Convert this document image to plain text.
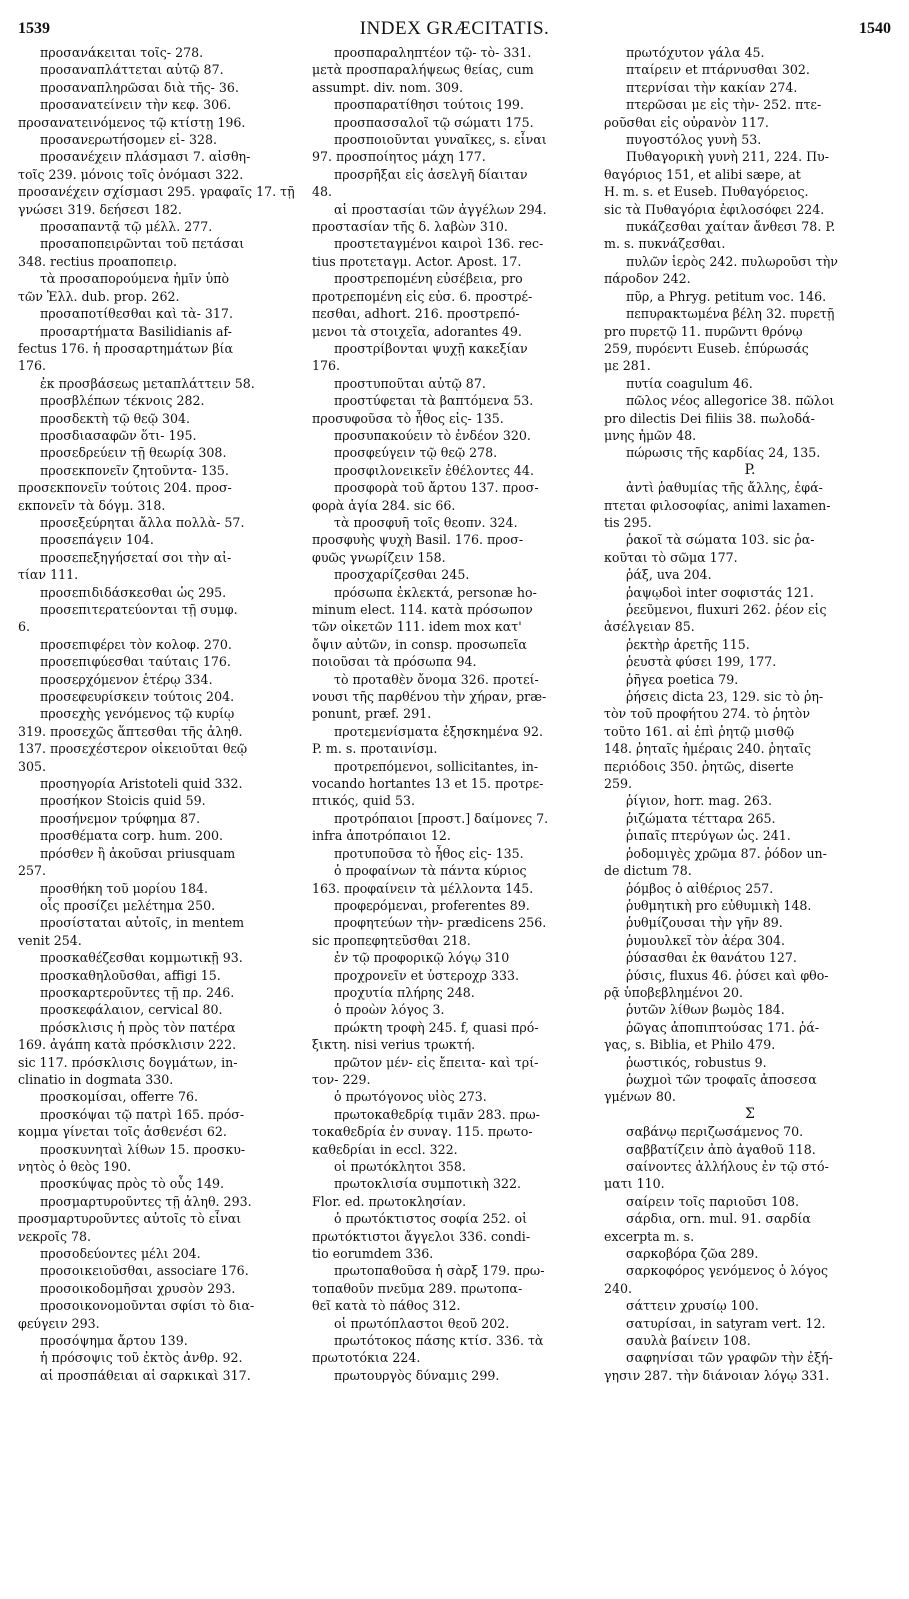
1539	INDEX GRÆCITATIS.	1540
προσανάκειται τοῖς- 278.
προσαναπλάττεται αὐτῷ 87.
προσαναπληρῶσαι διὰ τῆς- 36.
προσανατείνειν τὴν κεφ. 306.
προσανατεινόμενος τῷ κτίστῃ 196.
προσανερωτήσομεν εἰ- 328.
προσανέχειν πλάσμασι 7. αἰσθη-
τοῖς 239. μόνοις τοῖς ὀνόμασι 322.
προσανέχειν σχίσμασι 295. γραφαῖς 17. τῇ
γνώσει 319. δεήσεσι 182.
προσαπαντᾷ τῷ μέλλ. 277.
προσαποπειρῶνται τοῦ πετάσαι
348. rectius προαποπειρ.
τὰ προσαπορούμενα ἡμῖν ὑπὸ
τῶν Ἑλλ. dub. prop. 262.
προσαποτίθεσθαι καὶ τὰ- 317.
προσαρτήματα Basilidianis af-
fectus 176. ἡ προσαρτημάτων βία
176.
ἐκ προσβάσεως μεταπλάττειν 58.
προσβλέπων τέκνοις 282.
προσδεκτὴ τῷ θεῷ 304.
προσδιασαφῶν ὅτι- 195.
προσεδρεύειν τῇ θεωρίᾳ 308.
προσεκπονεῖν ζητοῦντα- 135.
προσεκπονεῖν τούτοις 204. προσ-
εκπονεῖν τὰ δόγμ. 318.
προσεξεύρηται ἄλλα πολλὰ- 57.
προσεπάγειν 104.
προσεπεξηγήσεταί σοι τὴν αἰ-
τίαν 111.
προσεπιδιδάσκεσθαι ὡς 295.
προσεπιτερατεύονται τῇ συμφ.
6.
προσεπιφέρει τὸν κολοφ. 270.
προσεπιφύεσθαι ταύταις 176.
προσερχόμενον ἑτέρῳ 334.
προσεφευρίσκειν τούτοις 204.
προσεχὴς γενόμενος τῷ κυρίῳ
319. προσεχῶς ἅπτεσθαι τῆς ἀληθ.
137. προσεχέστερον οἰκειοῦται θεῷ
305.
προσηγορία Aristoteli quid 332.
προσήκον Stoicis quid 59.
προσήνεμον τρύφημα 87.
προσθέματα corp. hum. 200.
πρόσθεν ἢ ἀκοῦσαι priusquam
257.
προσθήκη τοῦ μορίου 184.
οἷς προσίζει μελέτημα 250.
προσίσταται αὐτοῖς, in mentem
venit 254.
προσκαθέζεσθαι κομμωτικῇ 93.
προσκαθηλοῦσθαι, affigi 15.
προσκαρτεροῦντες τῇ πρ. 246.
προσκεφάλαιον, cervical 80.
πρόσκλισις ἡ πρὸς τὸν πατέρα
169. ἀγάπη κατὰ πρόσκλισιν 222.
sic 117. πρόσκλισις δογμάτων, in-
clinatio in dogmata 330.
προσκομίσαι, offerre 76.
προσκόψαι τῷ πατρὶ 165. πρόσ-
κομμα γίνεται τοῖς ἀσθενέσι 62.
προσκυνηταὶ λίθων 15. προσκυ-
νητὸς ὁ θεὸς 190.
προσκύψας πρὸς τὸ οὖς 149.
προσμαρτυροῦντες τῇ ἀληθ. 293.
προσμαρτυροῦντες αὐτοῖς τὸ εἶναι
νεκροῖς 78.
προσοδεύοντες μέλι 204.
προσοικειοῦσθαι, associare 176.
προσοικοδομῆσαι χρυσὸν 293.
προσοικονομοῦνται σφίσι τὸ δια-
φεύγειν 293.
προσόψημα ἄρτου 139.
ἡ πρόσοψις τοῦ ἐκτὸς ἀνθρ. 92.
αἱ προσπάθειαι αἱ σαρκικαὶ 317.
προσπαραληπτέον τῷ- τὸ- 331.
μετὰ προσπαραλήψεως θείας, cum
assumpt. div. nom. 309.
προσπαρατίθησι τούτοις 199.
προσπασσαλοῖ τῷ σώματι 175.
προσποιοῦνται γυναῖκες, s. εἶναι
97. προσποίητος μάχη 177.
προσρῆξαι εἰς ἀσελγῆ δίαιταν
48.
αἱ προστασίαι τῶν ἀγγέλων 294.
προστασίαν τῆς δ. λαβὼν 310.
προστεταγμένοι καιροὶ 136. rec-
tius προτεταγμ. Actor. Apost. 17.
προστρεπομένη εὐσέβεια, pro
προτρεπομένη εἰς εὐσ. 6. προστρέ-
πεσθαι, adhort. 216. προστρεπό-
μενοι τὰ στοιχεῖα, adorantes 49.
προστρίβονται ψυχῇ κακεξίαν
176.
προστυποῦται αὐτῷ 87.
προστύφεται τὰ βαπτόμενα 53.
προσυφοῦσα τὸ ἦθος εἰς- 135.
προσυπακούειν τὸ ἐνδέον 320.
προσφεύγειν τῷ θεῷ 278.
προσφιλονεικεῖν ἐθέλοντες 44.
προσφορὰ τοῦ ἄρτου 137. προσ-
φορὰ ἁγία 284. sic 66.
τὰ προσφυῆ τοῖς θεοπν. 324.
προσφυὴς ψυχὴ Basil. 176. προσ-
φυῶς γνωρίζειν 158.
προσχαρίζεσθαι 245.
πρόσωπα ἐκλεκτά, personæ ho-
minum elect. 114. κατὰ πρόσωπον
τῶν οἰκετῶν 111. idem mox κατ'
ὄψιν αὐτῶν, in consp. προσωπεῖα
ποιοῦσαι τὰ πρόσωπα 94.
τὸ προταθὲν ὄνομα 326. προτεί-
νουσι τῆς παρθένου τὴν χήραν, præ-
ponunt, præf. 291.
προτεμενίσματα ἐξησκημένα 92.
P. m. s. προταινίσμ.
προτρεπόμενοι, sollicitantes, in-
vocando hortantes 13 et 15. προτρε-
πτικός, quid 53.
προτρόπαιοι [προστ.] δαίμονες 7.
infra ἀποτρόπαιοι 12.
προτυποῦσα τὸ ἦθος εἰς- 135.
ὁ προφαίνων τὰ πάντα κύριος
163. προφαίνειν τὰ μέλλοντα 145.
προφερόμεναι, proferentes 89.
προφητεύων τὴν- prædicens 256.
sic προπεφητεῦσθαι 218.
ἐν τῷ προφορικῷ λόγῳ 310
προχρονεῖν et ὑστεροχρ 333.
προχυτία πλήρης 248.
ὁ προὼν λόγος 3.
πρώκτη τροφὴ 245. f, quasi πρό-
ξικτη. nisi verius τρωκτή.
πρῶτον μέν- εἰς ἔπειτα- καὶ τρί-
τον- 229.
ὁ πρωτόγονος υἱὸς 273.
πρωτοκαθεδρίᾳ τιμᾶν 283. πρω-
τοκαθεδρία ἐν συναγ. 115. πρωτο-
καθεδρίαι in eccl. 322.
οἱ πρωτόκλητοι 358.
πρωτοκλισία συμποτικὴ 322.
Flor. ed. πρωτοκλησίαν.
ὁ πρωτόκτιστος σοφία 252. οἱ
πρωτόκτιστοι ἄγγελοι 336. condi-
tio eorumdem 336.
πρωτοπαθοῦσα ἡ σὰρξ 179. πρω-
τοπαθοῦν πνεῦμα 289. πρωτοπα-
θεῖ κατὰ τὸ πάθος 312.
οἱ πρωτόπλαστοι θεοῦ 202.
πρωτότοκος πάσης κτίσ. 336. τὰ
πρωτοτόκια 224.
πρωτουργὸς δύναμις 299.
πρωτόχυτον γάλα 45.
πταίρειν et πτάρνυσθαι 302.
πτερνίσαι τὴν κακίαν 274.
πτερῶσαι με εἰς τὴν- 252. πτε-
ροῦσθαι εἰς οὐρανὸν 117.
πυγοστόλος γυνὴ 53.
Πυθαγορικὴ γυνὴ 211, 224. Πυ-
θαγόριος 151, et alibi sæpe, at
H. m. s. et Euseb. Πυθαγόρειος.
sic τὰ Πυθαγόρια ἐφιλοσόφει 224.
πυκάζεσθαι χαίταν ἄνθεσι 78. P.
m. s. πυκνάζεσθαι.
πυλῶν ἱερὸς 242. πυλωροῦσι τὴν
πάροδον 242.
πῦρ, a Phryg. petitum voc. 146.
πεπυρακτωμένα βέλη 32. πυρετῇ
pro πυρετῷ 11. πυρῶντι θρόνῳ
259, πυρόεντι Euseb. ἐπύρωσάς
με 281.
πυτία coagulum 46.
πῶλος νέος allegorice 38. πῶλοι
pro dilectis Dei filiis 38. πωλοδά-
μνης ἡμῶν 48.
πώρωσις τῆς καρδίας 24, 135.
P.
ἀντὶ ῥαθυμίας τῆς ἄλλης, ἐφά-
πτεται φιλοσοφίας, animi laxamen-
tis 295.
ῥακοῖ τὰ σώματα 103. sic ῥα-
κοῦται τὸ σῶμα 177.
ῥάξ, uva 204.
ῥαψῳδοὶ inter σοφιστάς 121.
ῥεεῦμενοι, fluxuri 262. ῥέον εἰς
ἀσέλγειαν 85.
ῥεκτὴρ ἀρετῆς 115.
ῥευστὰ φύσει 199, 177.
ῥῆγεα poetica 79.
ῥήσεις dicta 23, 129. sic τὸ ῥη-
τὸν τοῦ προφήτου 274. τὸ ῥητὸν
τοῦτο 161. αἱ ἐπὶ ῥητῷ μισθῷ
148. ῥηταῖς ἡμέραις 240. ῥηταῖς
περιόδοις 350. ῥητῶς, diserte
259.
ῥίγιον, horr. mag. 263.
ῥιζώματα τέτταρα 265.
ῥιπαῖς πτερύγων ὡς. 241.
ῥοδομιγὲς χρῶμα 87. ῥόδον un-
de dictum 78.
ῥόμβος ὁ αἰθέριος 257.
ῥυθμητικὴ pro εὐθυμικὴ 148.
ῥυθμίζουσαι τὴν γῆν 89.
ῥυμουλκεῖ τὸν ἀέρα 304.
ῥύσασθαι ἐκ θανάτου 127.
ῥύσις, fluxus 46. ῥύσει καὶ φθο-
ρᾷ ὑποβεβλημένοι 20.
ῥυτῶν λίθων βωμὸς 184.
ῥῶγας ἀποπιπτούσας 171. ῥά-
γας, s. Biblia, et Philo 479.
ῥωστικός, robustus 9.
ῥωχμοὶ τῶν τροφαῖς ἀποσεσα
γμένων 80.
Σ
σαβάνῳ περιζωσάμενος 70.
σαββατίζειν ἀπὸ ἀγαθοῦ 118.
σαίνοντες ἀλλήλους ἐν τῷ στό-
ματι 110.
σαίρειν τοῖς παριοῦσι 108.
σάρδια, orn. mul. 91. σαρδία
excerpta m. s.
σαρκοβόρα ζῶα 289.
σαρκοφόρος γενόμενος ὁ λόγος
240.
σάττειν χρυσίῳ 100.
σατυρίσαι, in satyram vert. 12.
σαυλὰ βαίνειν 108.
σαφηνίσαι τῶν γραφῶν τὴν ἐξή-
γησιν 287. τὴν διάνοιαν λόγῳ 331.
